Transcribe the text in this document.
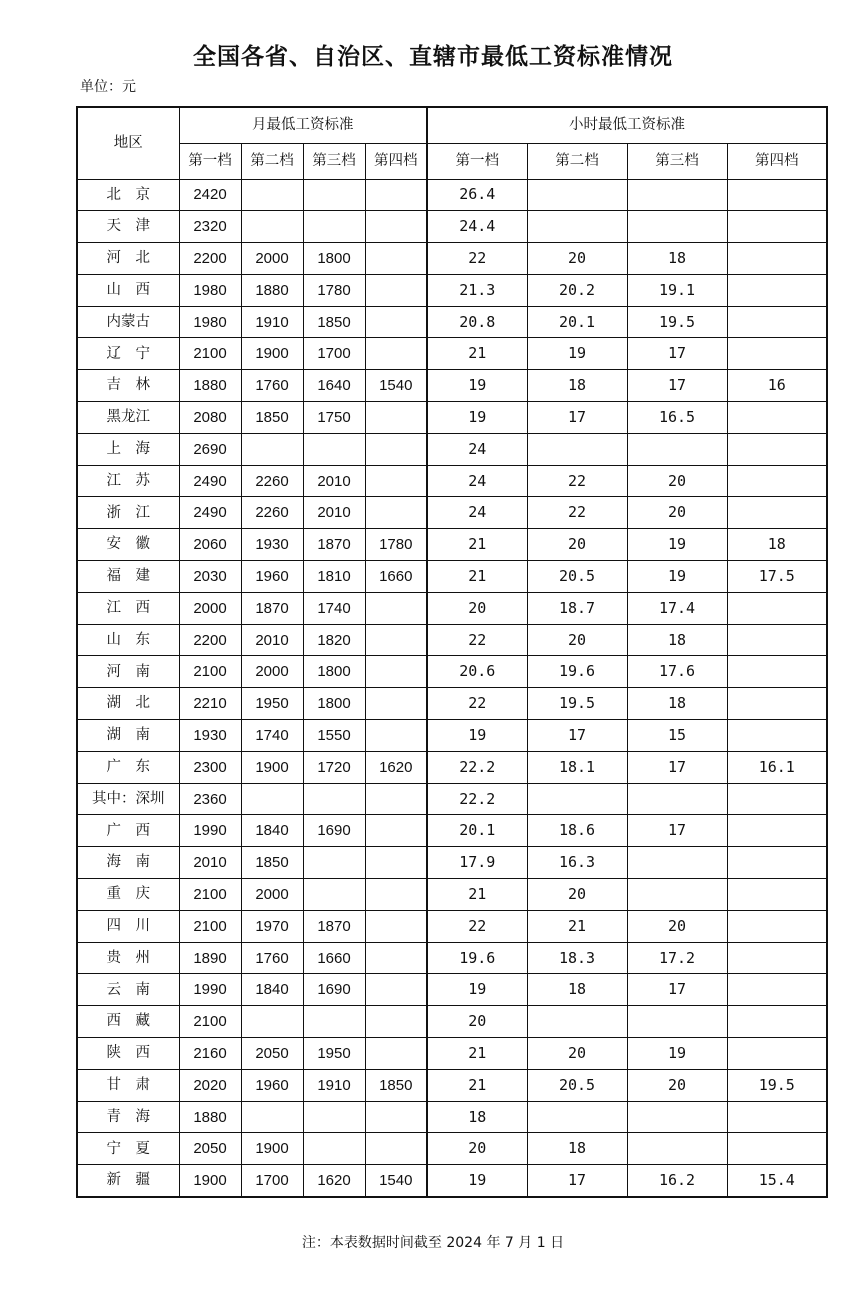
全国各省、自治区、直辖市最低工资标准情况
单位：元
地区	月最低工资标准				小时最低工资标准			
	第一档	第二档	第三档	第四档	第一档	第二档	第三档	第四档
北　京	2420				26.4			
天　津	2320				24.4			
河　北	2200	2000	1800		22	20	18	
山　西	1980	1880	1780		21.3	20.2	19.1	
内蒙古	1980	1910	1850		20.8	20.1	19.5	
辽　宁	2100	1900	1700		21	19	17	
吉　林	1880	1760	1640	1540	19	18	17	16
黑龙江	2080	1850	1750		19	17	16.5	
上　海	2690				24			
江　苏	2490	2260	2010		24	22	20	
浙　江	2490	2260	2010		24	22	20	
安　徽	2060	1930	1870	1780	21	20	19	18
福　建	2030	1960	1810	1660	21	20.5	19	17.5
江　西	2000	1870	1740		20	18.7	17.4	
山　东	2200	2010	1820		22	20	18	
河　南	2100	2000	1800		20.6	19.6	17.6	
湖　北	2210	1950	1800		22	19.5	18	
湖　南	1930	1740	1550		19	17	15	
广　东	2300	1900	1720	1620	22.2	18.1	17	16.1
其中：深圳	2360				22.2			
广　西	1990	1840	1690		20.1	18.6	17	
海　南	2010	1850			17.9	16.3		
重　庆	2100	2000			21	20		
四　川	2100	1970	1870		22	21	20	
贵　州	1890	1760	1660		19.6	18.3	17.2	
云　南	1990	1840	1690		19	18	17	
西　藏	2100				20			
陕　西	2160	2050	1950		21	20	19	
甘　肃	2020	1960	1910	1850	21	20.5	20	19.5
青　海	1880				18			
宁　夏	2050	1900			20	18		
新　疆	1900	1700	1620	1540	19	17	16.2	15.4
注：本表数据时间截至 2024 年 7 月 1 日
